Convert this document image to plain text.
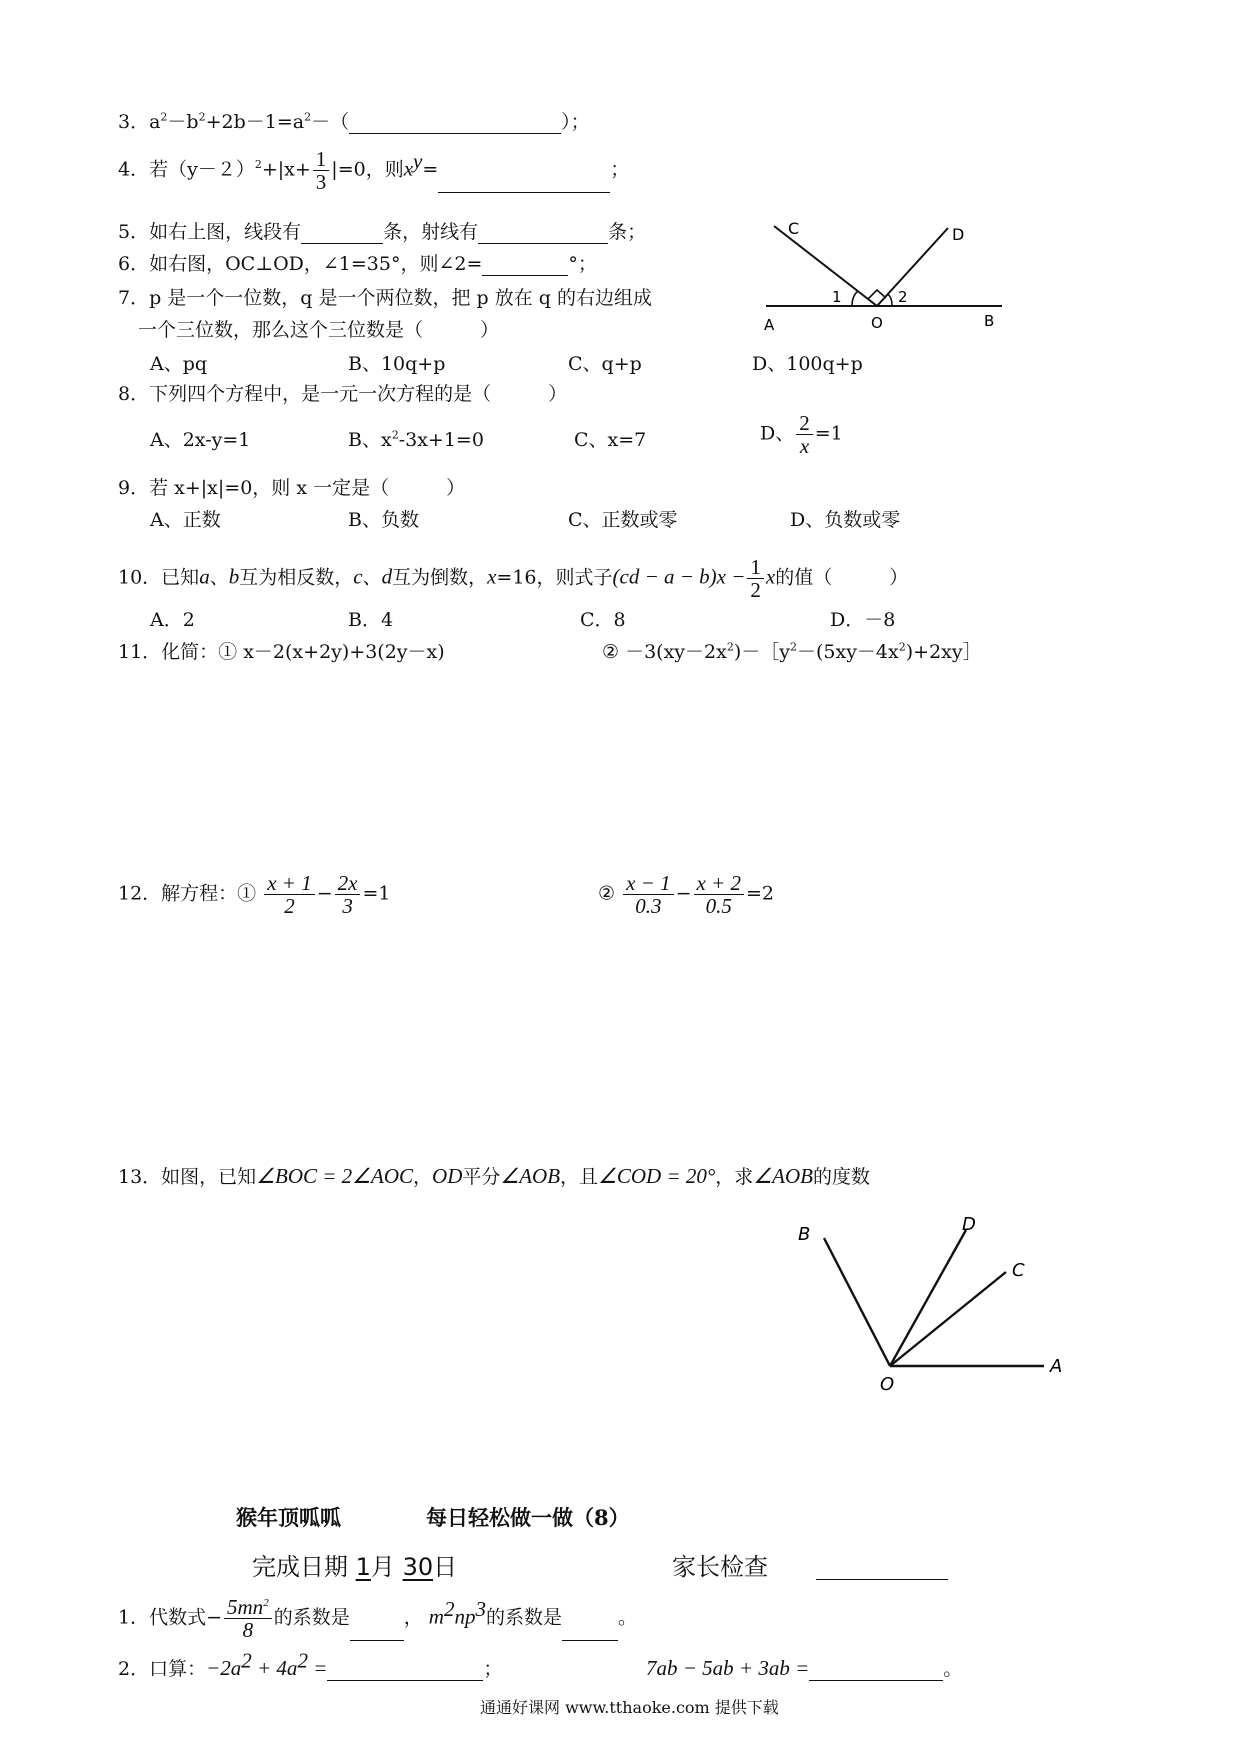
3．$a^2-b^2+2b-1=a^2-$（	）；
4．若$(y-2)^2+|x+ \frac{1}{3} |=0$，则$x^y=$	；
5．如右上图，线段有	条，射线有	条；
6．如右图，OC⊥OD，∠1=35°，则∠2=	°；
7．p 是一个一位数，q 是一个两位数，把 p 放在 q 的右边组成
一个三位数，那么这个三位数是（　　　）
A、pq	B、10q+p	C、q+p	D、100q+p
8．下列四个方程中，是一元一次方程的是（　　　）
A、2x-y=1	B、$x^2-3x+1=0$	C、x=7	D、 $\frac{2}{x} =1$
9．若 x+|x|=0，则 x 一定是（　　　）
A、正数	B、负数	C、正数或零	D、负数或零
10．已知a、b互为相反数，c、d互为倒数，x=16，则式子$(cd - a - b)x - \frac{1}{2}$ x的值（　　　）
A．2	B．4	C．8	D．－8
11．化简：① x－2(x+2y)+3(2y－x)	② $-3(xy-2x^2)-[y^2-(5xy-4x^2)+2xy]$
12．解方程：① $\frac{x + 1}{2} - \frac{2x}{3} =1$	② $\frac{x - 1}{0.3} - \frac{x + 2}{0.5} =2$
13．如图，已知∠BOC = 2∠AOC，OD平分∠AOB，且∠COD = 20°，求∠AOB的度数
C	D
1	2
A	O	B
B	D
C
O
A
猴年顶呱呱	每日轻松做一做（8）
完成日期 1月 30日	家长检查
1．代数式− $\frac{5mn^2}{8}$ 的系数是	， $m^2np^3$的系数是	。
2．口算：$-2a^2 + 4a^2$ =	；	7ab − 5ab + 3ab =	。
通通好课网 www.tthaoke.com 提供下载
